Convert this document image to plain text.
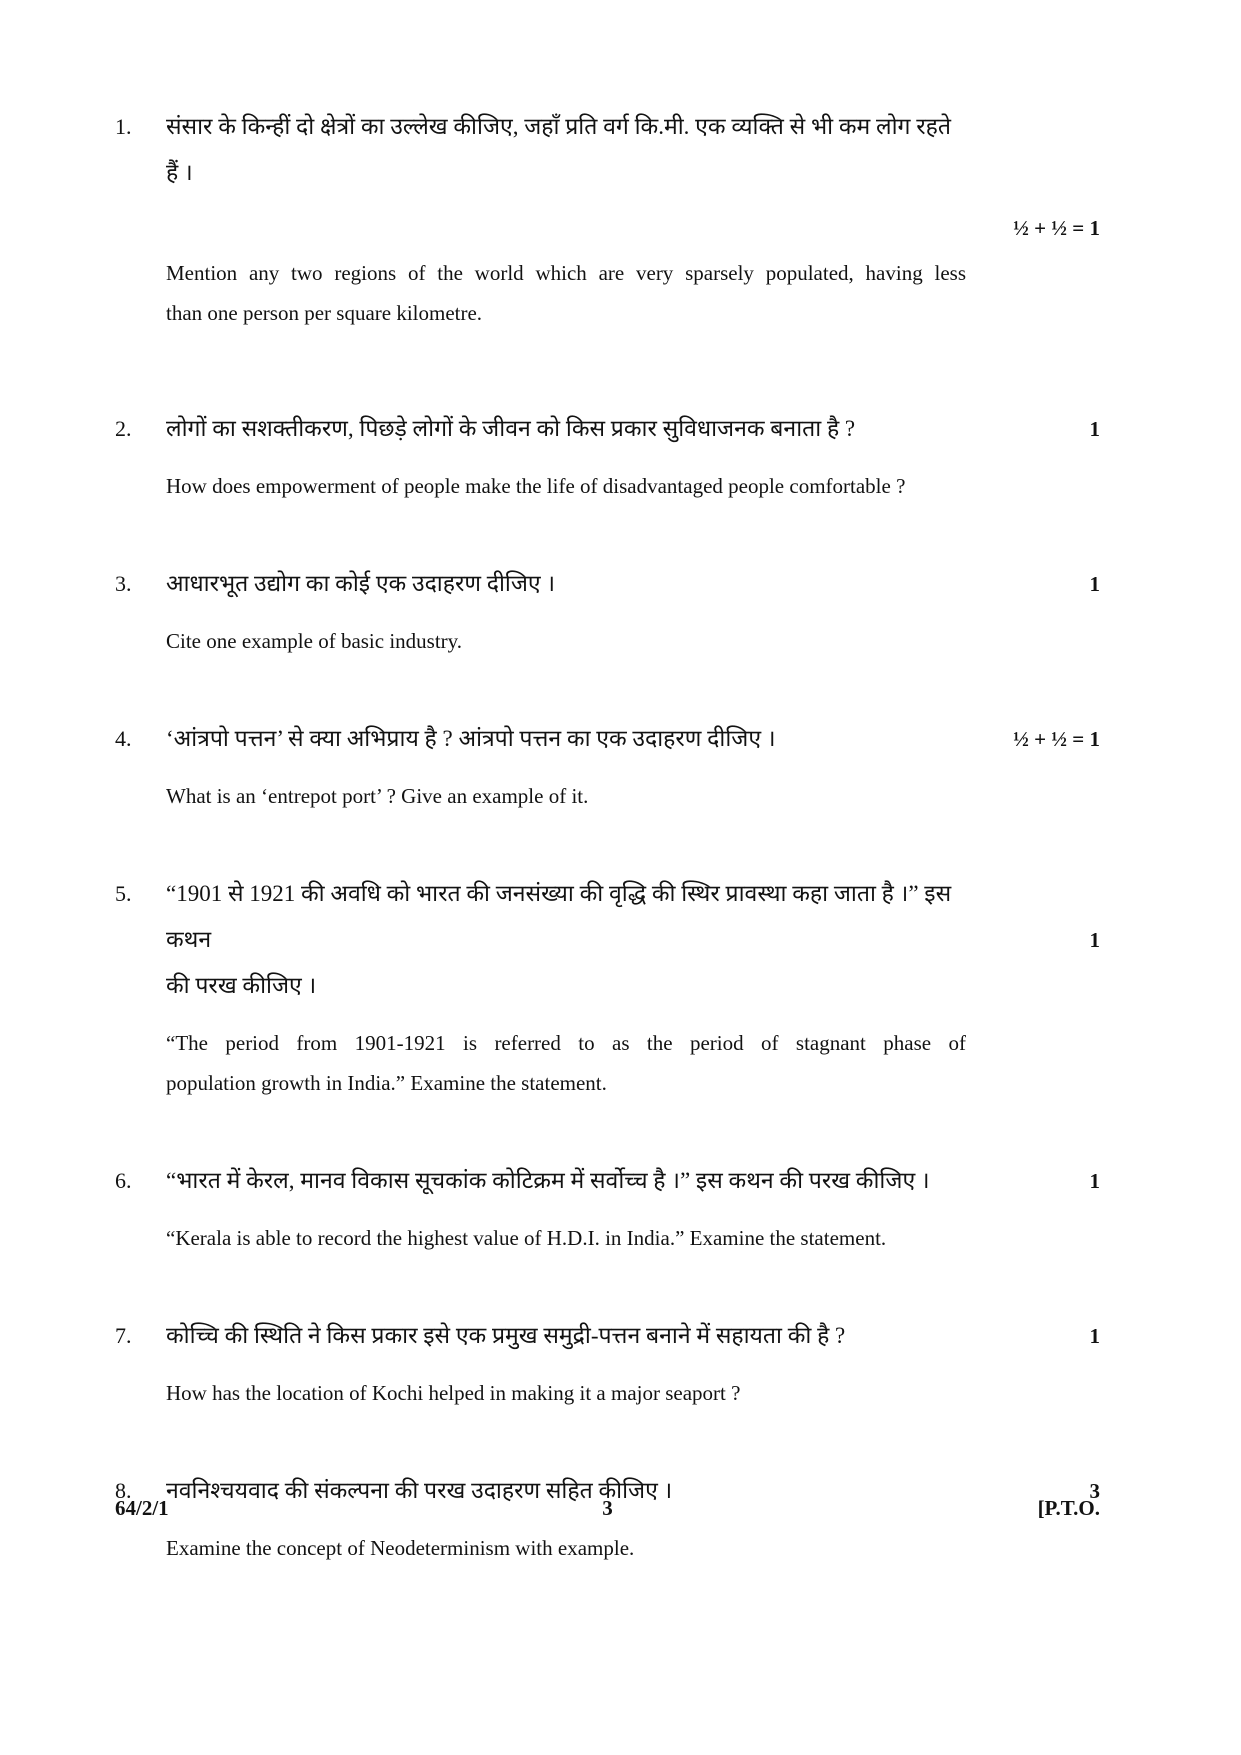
1.	संसार के किन्हीं दो क्षेत्रों का उल्लेख कीजिए, जहाँ प्रति वर्ग कि.मी. एक व्यक्ति से भी कम लोग रहते हैं ।

½ + ½ = 1

Mention any two regions of the world which are very sparsely populated, having less
than one person per square kilometre.

2.	लोगों का सशक्तीकरण, पिछड़े लोगों के जीवन को किस प्रकार सुविधाजनक बनाता है ?

How does empowerment of people make the life of disadvantaged people comfortable ?

1
3.	आधारभूत उद्योग का कोई एक उदाहरण दीजिए ।

Cite one example of basic industry.

1
4.	‘आंत्रपो पत्तन’ से क्या अभिप्राय है ? आंत्रपो पत्तन का एक उदाहरण दीजिए ।

What is an ‘entrepot port’ ? Give an example of it.

½ + ½ = 1
5.	“1901 से 1921 की अवधि को भारत की जनसंख्या की वृद्धि की स्थिर प्रावस्था कहा जाता है ।” इस कथन
की परख कीजिए ।

“The period from 1901-1921 is referred to as the period of stagnant phase of
population growth in India.” Examine the statement.

1
6.	“भारत में केरल, मानव विकास सूचकांक कोटिक्रम में सर्वोच्च है ।” इस कथन की परख कीजिए ।

“Kerala is able to record the highest value of H.D.I. in India.” Examine the statement.

1
7.	कोच्चि की स्थिति ने किस प्रकार इसे एक प्रमुख समुद्री-पत्तन बनाने में सहायता की है ?

How has the location of Kochi helped in making it a major seaport ?

1
8.	नवनिश्चयवाद की संकल्पना की परख उदाहरण सहित कीजिए ।

Examine the concept of Neodeterminism with example.

3
64/2/1	3	[P.T.O.
